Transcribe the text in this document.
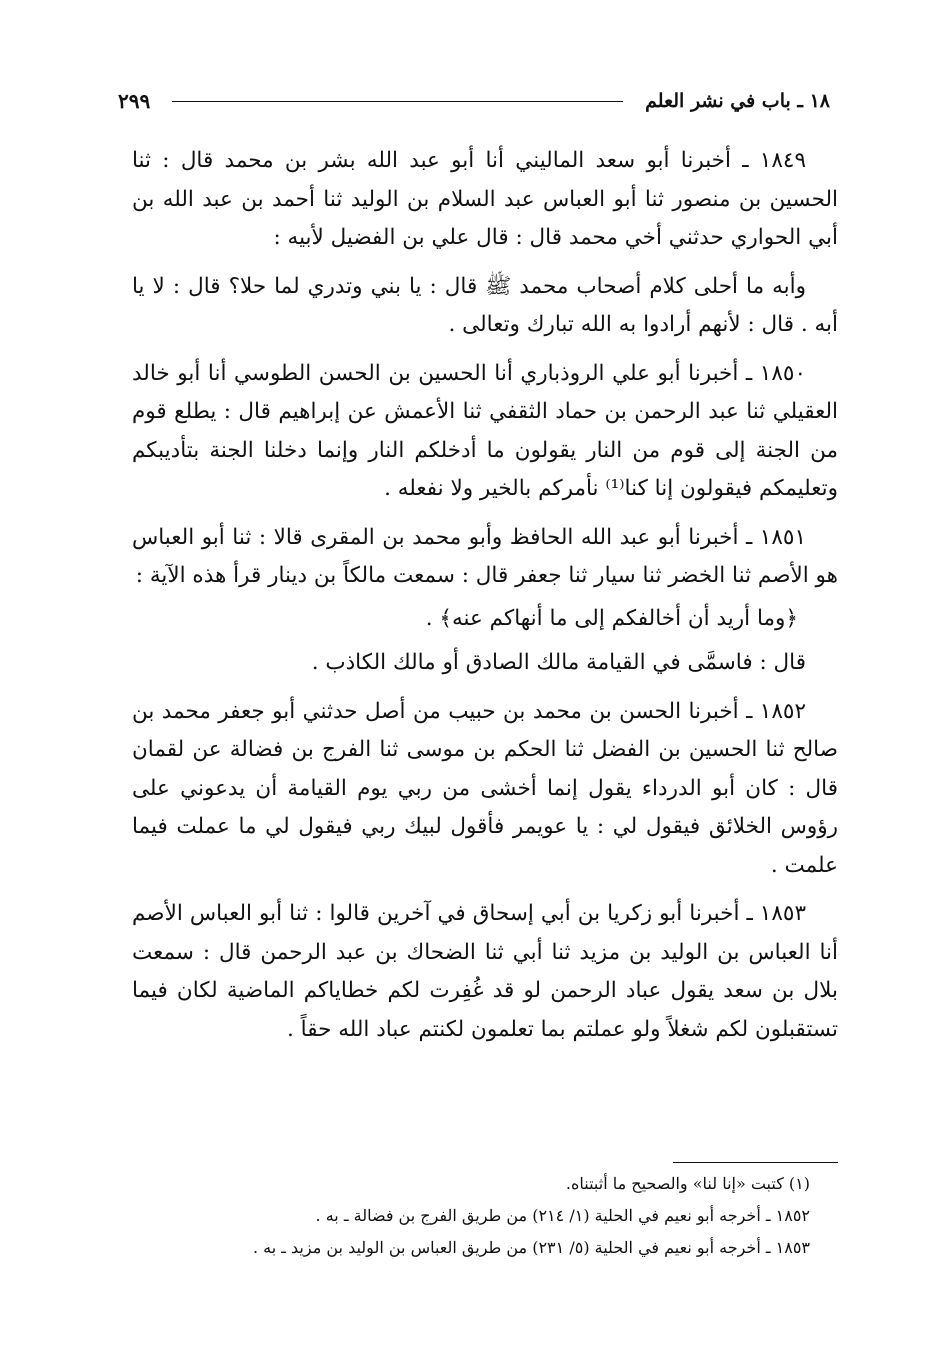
١٨ ـ باب في نشر العلم
٢٩٩

١٨٤٩ ـ أخبرنا أبو سعد الماليني أنا أبو عبد الله بشر بن محمد قال : ثنا الحسين بن منصور ثنا أبو العباس عبد السلام بن الوليد ثنا أحمد بن عبد الله بن أبي الحواري حدثني أخي محمد قال : قال علي بن الفضيل لأبيه :

وأبه ما أحلى كلام أصحاب محمد ﷺ قال : يا بني وتدري لما حلا؟ قال : لا يا أبه . قال : لأنهم أرادوا به الله تبارك وتعالى .

١٨٥٠ ـ أخبرنا أبو علي الروذباري أنا الحسين بن الحسن الطوسي أنا أبو خالد العقيلي ثنا عبد الرحمن بن حماد الثقفي ثنا الأعمش عن إبراهيم قال : يطلع قوم من الجنة إلى قوم من النار يقولون ما أدخلكم النار وإنما دخلنا الجنة بتأديبكم وتعليمكم فيقولون إنا كنا⁽¹⁾ نأمركم بالخير ولا نفعله .

١٨٥١ ـ أخبرنا أبو عبد الله الحافظ وأبو محمد بن المقرى قالا : ثنا أبو العباس هو الأصم ثنا الخضر ثنا سيار ثنا جعفر قال : سمعت مالكاً بن دينار قرأ هذه الآية :

﴿وما أريد أن أخالفكم إلى ما أنهاكم عنه﴾ .

قال : فاسمَّى في القيامة مالك الصادق أو مالك الكاذب .

١٨٥٢ ـ أخبرنا الحسن بن محمد بن حبيب من أصل حدثني أبو جعفر محمد بن صالح ثنا الحسين بن الفضل ثنا الحكم بن موسى ثنا الفرج بن فضالة عن لقمان قال : كان أبو الدرداء يقول إنما أخشى من ربي يوم القيامة أن يدعوني على رؤوس الخلائق فيقول لي : يا عويمر فأقول لبيك ربي فيقول لي ما عملت فيما علمت .

١٨٥٣ ـ أخبرنا أبو زكريا بن أبي إسحاق في آخرين قالوا : ثنا أبو العباس الأصم أنا العباس بن الوليد بن مزيد ثنا أبي ثنا الضحاك بن عبد الرحمن قال : سمعت بلال بن سعد يقول عباد الرحمن لو قد غُفِرت لكم خطاياكم الماضية لكان فيما تستقبلون لكم شغلاً ولو عملتم بما تعلمون لكنتم عباد الله حقاً .

(١) كتبت «إنا لنا» والصحيح ما أثبتناه.
١٨٥٢ ـ أخرجه أبو نعيم في الحلية (١/ ٢١٤) من طريق الفرج بن فضالة ـ به .
١٨٥٣ ـ أخرجه أبو نعيم في الحلية (٥/ ٢٣١) من طريق العباس بن الوليد بن مزيد ـ به .
